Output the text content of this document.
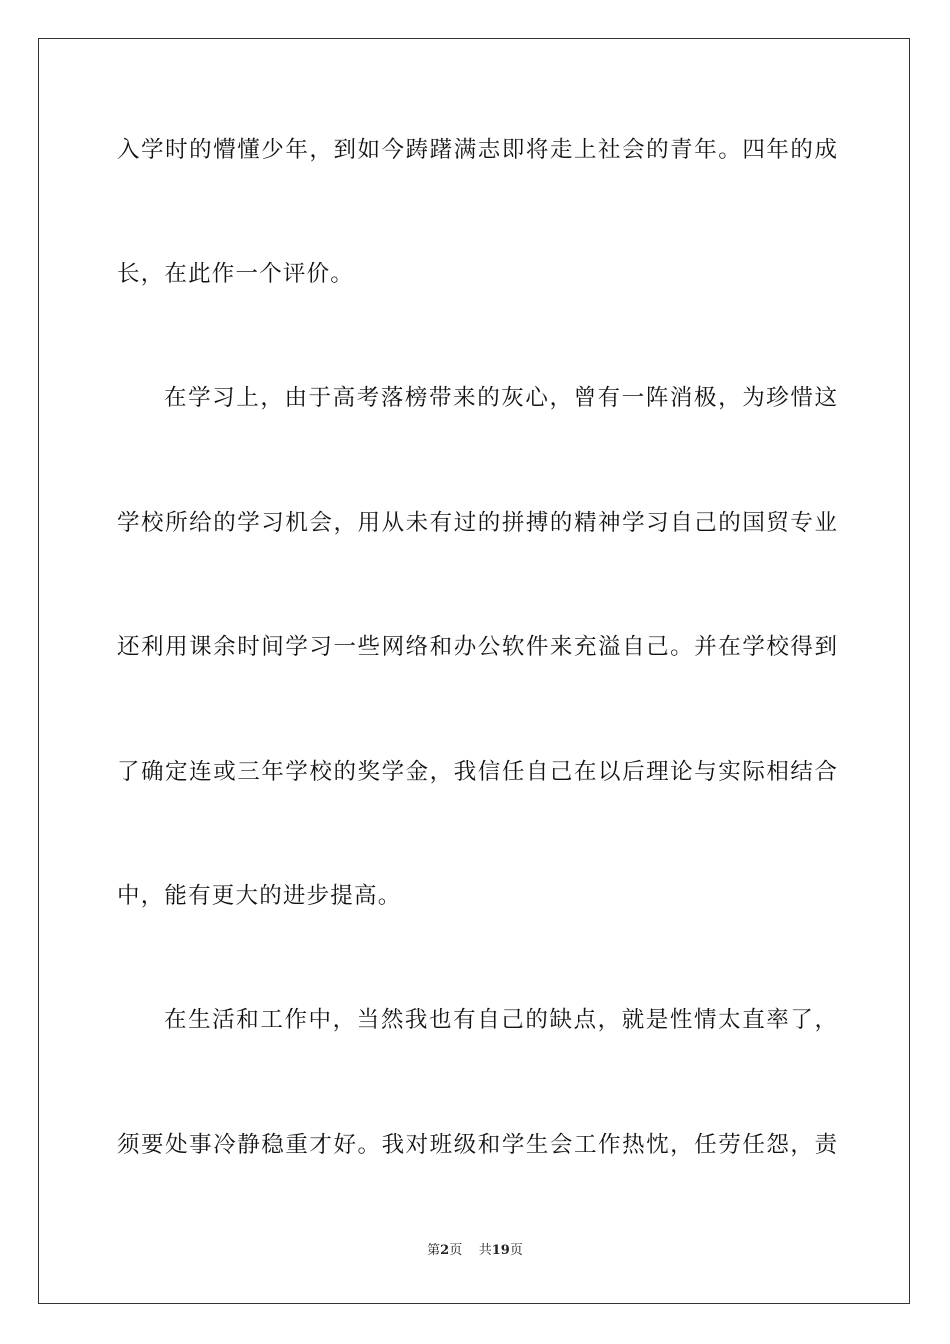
入学时的懵懂少年，到如今踌躇满志即将走上社会的青年。四年的成
长，在此作一个评价。
在学习上，由于高考落榜带来的灰心，曾有一阵消极，为珍惜这
学校所给的学习机会，用从未有过的拼搏的精神学习自己的国贸专业
还利用课余时间学习一些网络和办公软件来充溢自己。并在学校得到
了确定连或三年学校的奖学金，我信任自己在以后理论与实际相结合
中，能有更大的进步提高。
在生活和工作中，当然我也有自己的缺点，就是性情太直率了，
须要处事冷静稳重才好。我对班级和学生会工作热忱，任劳任怨，责
第2页 共19页
